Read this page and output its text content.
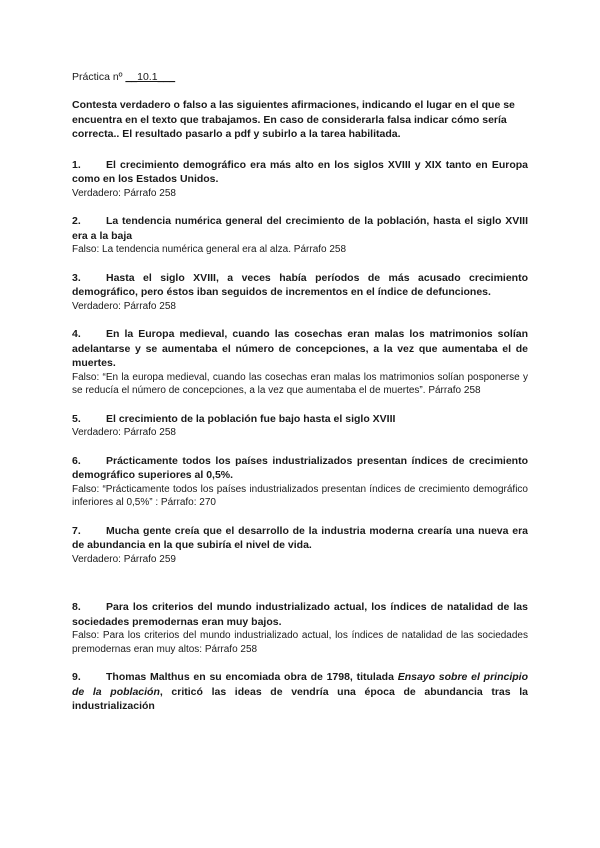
Práctica nº __10.1___

Contesta verdadero o falso a las siguientes afirmaciones, indicando el lugar en el que se encuentra en el texto que trabajamos. En caso de considerarla falsa indicar cómo sería correcta.. El resultado pasarlo a pdf y subirlo a la tarea habilitada.

1. El crecimiento demográfico era más alto en los siglos XVIII y XIX tanto en Europa como en los Estados Unidos.

Verdadero: Párrafo 258

2. La tendencia numérica general del crecimiento de la población, hasta el siglo XVIII era a la baja

Falso: La tendencia numérica general era al alza. Párrafo 258

3. Hasta el siglo XVIII, a veces había períodos de más acusado crecimiento demográfico, pero éstos iban seguidos de incrementos en el índice de defunciones.

Verdadero: Párrafo 258

4. En la Europa medieval, cuando las cosechas eran malas los matrimonios solían adelantarse y se aumentaba el número de concepciones, a la vez que aumentaba el de muertes.

Falso: “En la europa medieval, cuando las cosechas eran malas los matrimonios solían posponerse y se reducía el número de concepciones, a la vez que aumentaba el de muertes”. Párrafo 258

5. El crecimiento de la población fue bajo hasta el siglo XVIII

Verdadero: Párrafo 258

6. Prácticamente todos los países industrializados presentan índices de crecimiento demográfico superiores al 0,5%.

Falso: “Prácticamente todos los países industrializados presentan índices de crecimiento demográfico inferiores al 0,5%” : Párrafo: 270

7. Mucha gente creía que el desarrollo de la industria moderna crearía una nueva era de abundancia en la que subiría el nivel de vida.

Verdadero: Párrafo 259

8. Para los criterios del mundo industrializado actual, los índices de natalidad de las sociedades premodernas eran muy bajos.

Falso: Para los criterios del mundo industrializado actual, los índices de natalidad de las sociedades premodernas eran muy altos: Párrafo 258

9. Thomas Malthus en su encomiada obra de 1798, titulada Ensayo sobre el principio de la población, criticó las ideas de vendría una época de abundancia tras la industrialización
